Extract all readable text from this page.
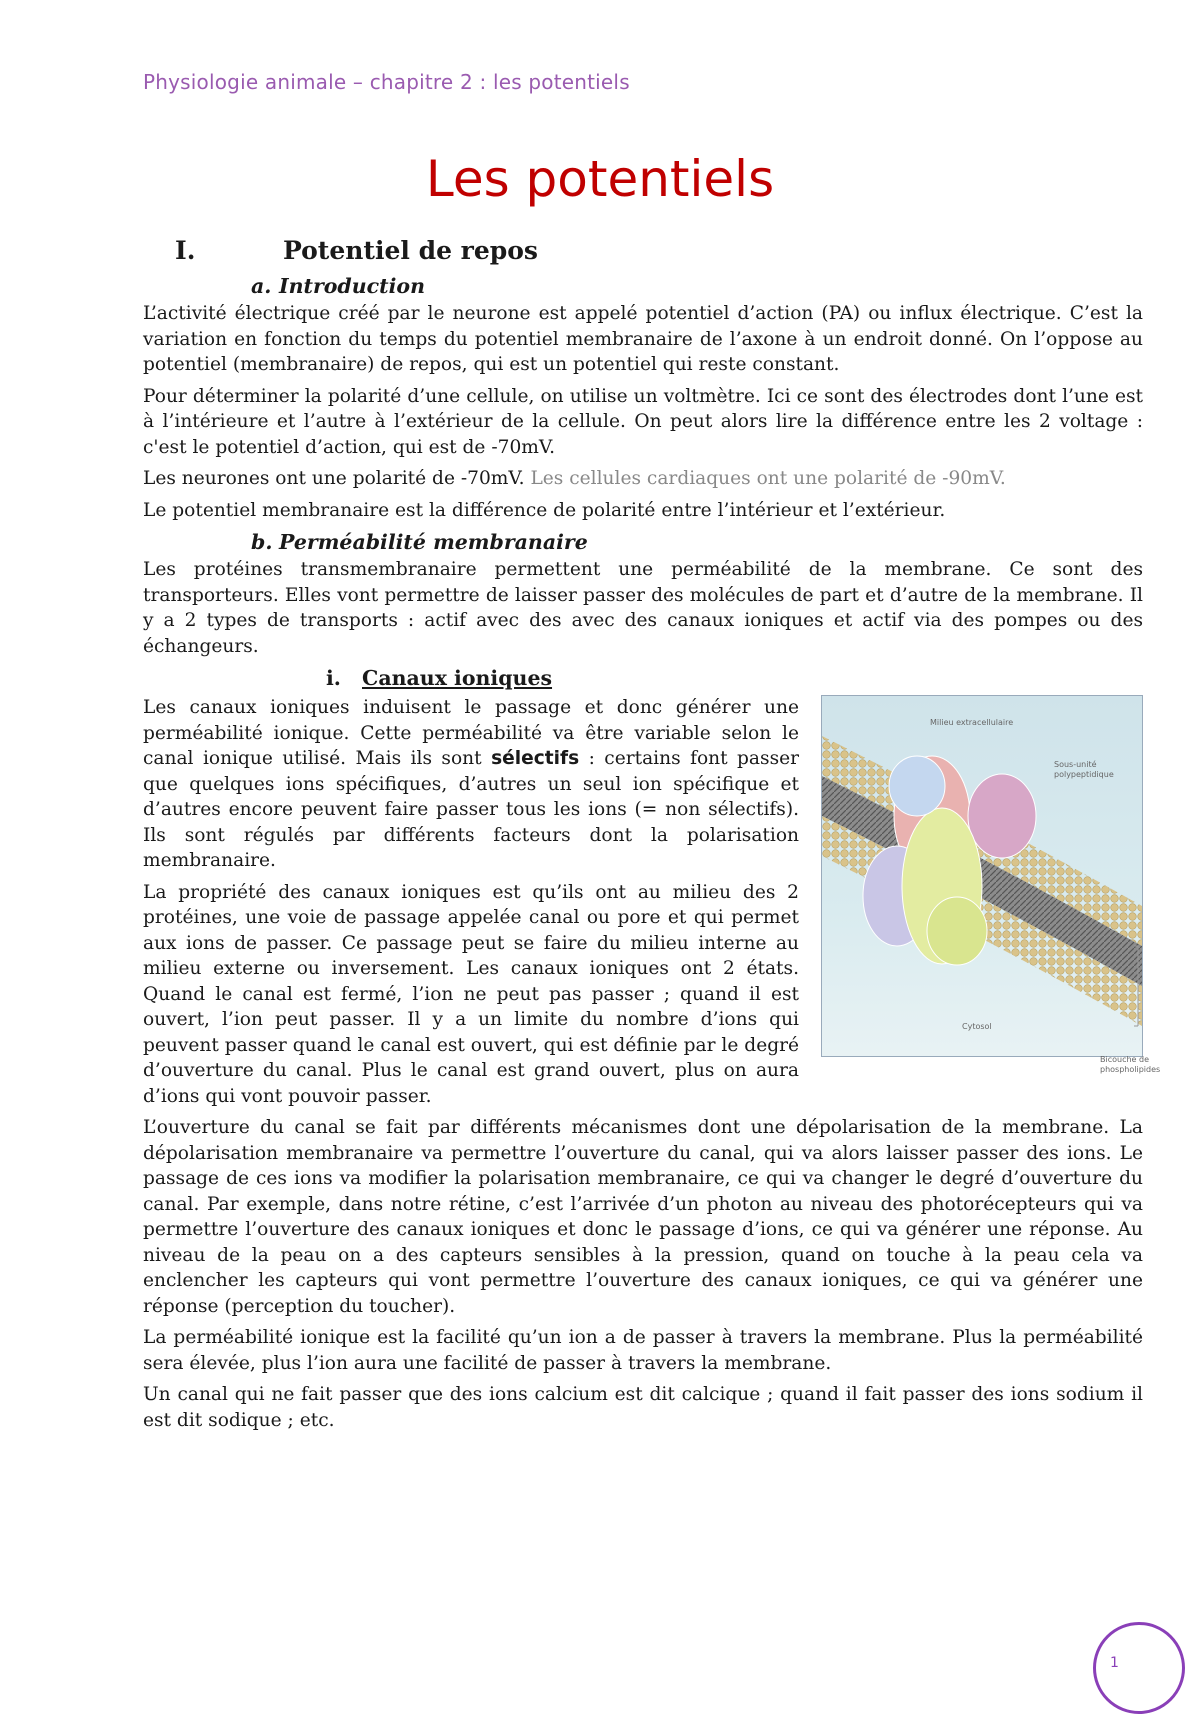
Physiologie animale – chapitre 2 : les potentiels
Les potentiels
I.	Potentiel de repos
a. Introduction

L’activité électrique créé par le neurone est appelé potentiel d’action (PA) ou influx électrique. C’est la variation en fonction du temps du potentiel membranaire de l’axone à un endroit donné. On l’oppose au potentiel (membranaire) de repos, qui est un potentiel qui reste constant.

Pour déterminer la polarité d’une cellule, on utilise un voltmètre. Ici ce sont des électrodes dont l’une est à l’intérieure et l’autre à l’extérieur de la cellule. On peut alors lire la différence entre les 2 voltage : c'est le potentiel d’action, qui est de -70mV.

Les neurones ont une polarité de -70mV. Les cellules cardiaques ont une polarité de -90mV.

Le potentiel membranaire est la différence de polarité entre l’intérieur et l’extérieur.

b. Perméabilité membranaire

Les protéines transmembranaire permettent une perméabilité de la membrane. Ce sont des transporteurs. Elles vont permettre de laisser passer des molécules de part et d’autre de la membrane. Il y a 2 types de transports : actif avec des avec des canaux ioniques et actif via des pompes ou des échangeurs.

i. Canaux ioniques
Milieu extracellulaire
Sous-unité polypeptidique
Cytosol

Les canaux ioniques induisent le passage et donc générer une perméabilité ionique. Cette perméabilité va être variable selon le canal ionique utilisé. Mais ils sont sélectifs : certains font passer que quelques ions spécifiques, d’autres un seul ion spécifique et d’autres encore peuvent faire passer tous les ions (= non sélectifs). Ils sont régulés par différents facteurs dont la polarisation membranaire.

La propriété des canaux ioniques est qu’ils ont au milieu des 2 protéines, une voie de passage appelée canal ou pore et qui permet aux ions de passer. Ce passage peut se faire du milieu interne au milieu externe ou inversement. Les canaux ioniques ont 2 états. Quand le canal est fermé, l’ion ne peut pas passer ; quand il est ouvert, l’ion peut passer. Il y a un limite du nombre d’ions qui peuvent passer quand le canal est ouvert, qui est définie par le degré d’ouverture du canal. Plus le canal est grand ouvert, plus on aura d’ions qui vont pouvoir passer.

L’ouverture du canal se fait par différents mécanismes dont une dépolarisation de la membrane. La dépolarisation membranaire va permettre l’ouverture du canal, qui va alors laisser passer des ions. Le passage de ces ions va modifier la polarisation membranaire, ce qui va changer le degré d’ouverture du canal. Par exemple, dans notre rétine, c’est l’arrivée d’un photon au niveau des photorécepteurs qui va permettre l’ouverture des canaux ioniques et donc le passage d’ions, ce qui va générer une réponse. Au niveau de la peau on a des capteurs sensibles à la pression, quand on touche à la peau cela va enclencher les capteurs qui vont permettre l’ouverture des canaux ioniques, ce qui va générer une réponse (perception du toucher).

La perméabilité ionique est la facilité qu’un ion a de passer à travers la membrane. Plus la perméabilité sera élevée, plus l’ion aura une facilité de passer à travers la membrane.

Un canal qui ne fait passer que des ions calcium est dit calcique ; quand il fait passer des ions sodium il est dit sodique ; etc.

Bicouche de phospholipides
1
